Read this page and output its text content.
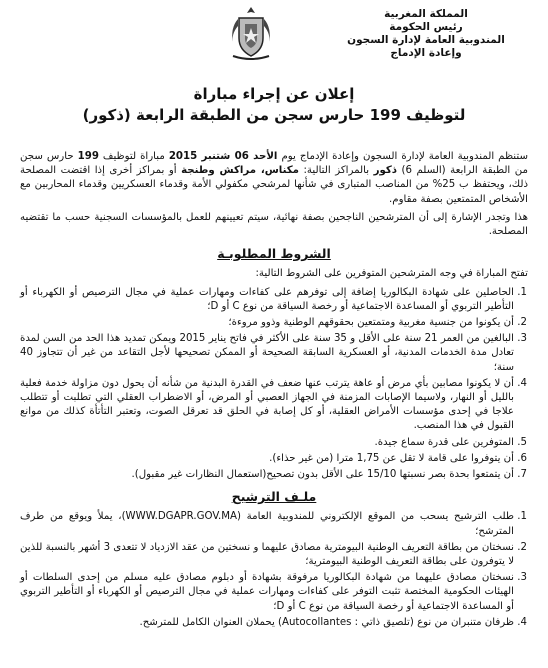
المملكة المغربية
رئيس الحكومة
المندوبية العامة لإدارة السجون
وإعادة الإدماج
إعلان عن إجراء مباراة
لتوظيف 199 حارس سجن من الطبقة الرابعة (ذكور)

ستنظم المندوبية العامة لإدارة السجون وإعادة الإدماج يوم الأحد 06 شتنبر 2015 مباراة لتوظيف 199 حارس سجن من الطبقة الرابعة (السلم 6) ذكور بالمراكز التالية: مكناس، مراكش وطنجة أو بمراكز أخرى إذا اقتضت المصلحة ذلك، ويحتفظ ب 25% من المناصب المتبارى في شأنها لمرشحي مكفولي الأمة وقدماء العسكريين وقدماء المحاربين مع الأشخاص المتمتعين بصفة مقاوم.

هذا وتجدر الإشارة إلى أن المترشحين الناجحين بصفة نهائية، سيتم تعيينهم للعمل بالمؤسسات السجنية حسب ما تقتضيه المصلحة.

الشروط المطلوبـة

تفتح المباراة في وجه المترشحين المتوفرين على الشروط التالية:

1. الحاصلين على شهادة البكالوريا إضافة إلى توفرهم على كفاءات ومهارات عملية في مجال الترصيص أو الكهرباء أو التأطير التربوي أو المساعدة الاجتماعية أو رخصة السياقة من نوع C أو D؛
2. أن يكونوا من جنسية مغربية ومتمتعين بحقوقهم الوطنية وذوو مروءة؛
3. البالغين من العمر 21 سنة على الأقل و 35 سنة على الأكثر في فاتح يناير 2015 ويمكن تمديد هذا الحد من السن لمدة تعادل مدة الخدمات المدنية، أو العسكرية السابقة الصحيحة أو الممكن تصحيحها لأجل التقاعد من غير أن تتجاوز 40 سنة؛
4. أن لا يكونوا مصابين بأي مرض أو عاهة يترتب عنها ضعف في القدرة البدنية من شأنه أن يحول دون مزاولة خدمة فعلية بالليل أو النهار، ولاسيما الإصابات المزمنة في الجهاز العصبي أو المرض، أو الاضطراب العقلي التي تطلبت أو تتطلب علاجا في إحدى مؤسسات الأمراض العقلية، أو كل إصابة في الحلق قد تعرقل الصوت، وتعتبر التأتأة كذلك من موانع القبول في هذا المنصب.
5. المتوفرين على قدرة سماع جيدة.
6. أن يتوفروا على قامة لا تقل عن 1,75 مترا (من غير حذاء).
7. أن يتمتعوا بحدة بصر نسبتها 15/10 على الأقل بدون تصحيح(استعمال النظارات غير مقبول).
ملـف الترشيح
1. طلب الترشيح يسحب من الموقع الإلكتروني للمندوبية العامة (WWW.DGAPR.GOV.MA)، يملأ ويوقع من طرف المترشح؛
2. نسختان من بطاقة التعريف الوطنية البيومترية مصادق عليهما و نسختين من عقد الازدياد لا تتعدى 3 أشهر بالنسبة للذين لا يتوفرون على بطاقة التعريف الوطنية البيومترية؛
3. نسختان مصادق عليهما من شهادة البكالوريا مرفوقة بشهادة أو دبلوم مصادق عليه مسلم من إحدى السلطات أو الهيئات الحكومية المختصة تثبت التوفر على كفاءات ومهارات عملية في مجال الترصيص أو الكهرباء أو التأطير التربوي أو المساعدة الاجتماعية أو رخصة السياقة من نوع C أو D؛
4. ظرفان متنبران من نوع (تلصيق ذاتي : Autocollantes) يحملان العنوان الكامل للمترشح.
